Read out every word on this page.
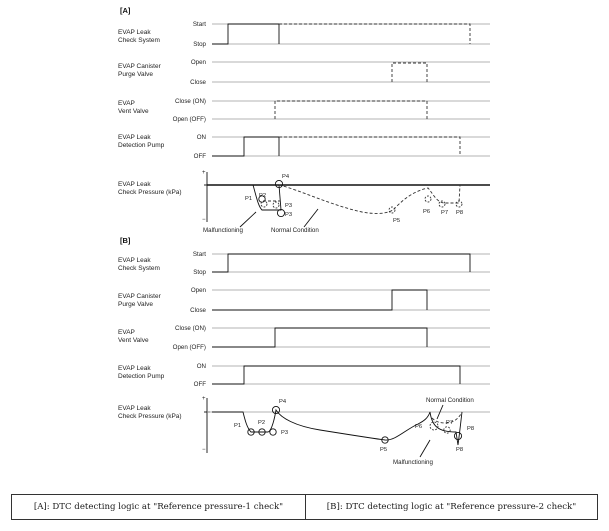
[A]
EVAP Leak Check System
Start
Stop
EVAP Canister Purge Valve
Open
Close
EVAP Vent Valve
Close (ON)
Open (OFF)
EVAP Leak Detection Pump
ON
OFF
EVAP Leak Check Pressure (kPa)
+
−
P1 P2
P3
P3
P4
P5
P6 P7 P8
Malfunctioning	Normal Condition
[B]
EVAP Leak Check System
Start
Stop
EVAP Canister Purge Valve
Open
Close
EVAP Vent Valve
Close (ON)
Open (OFF)
EVAP Leak Detection Pump
ON
OFF
EVAP Leak Check Pressure (kPa)
+
−
P1	P2
P3
P4
P5
P6
P7
P8
P8
Normal Condition
Malfunctioning
[A]: DTC detecting logic at "Reference pressure-1 check"	[B]: DTC detecting logic at "Reference pressure-2 check"
